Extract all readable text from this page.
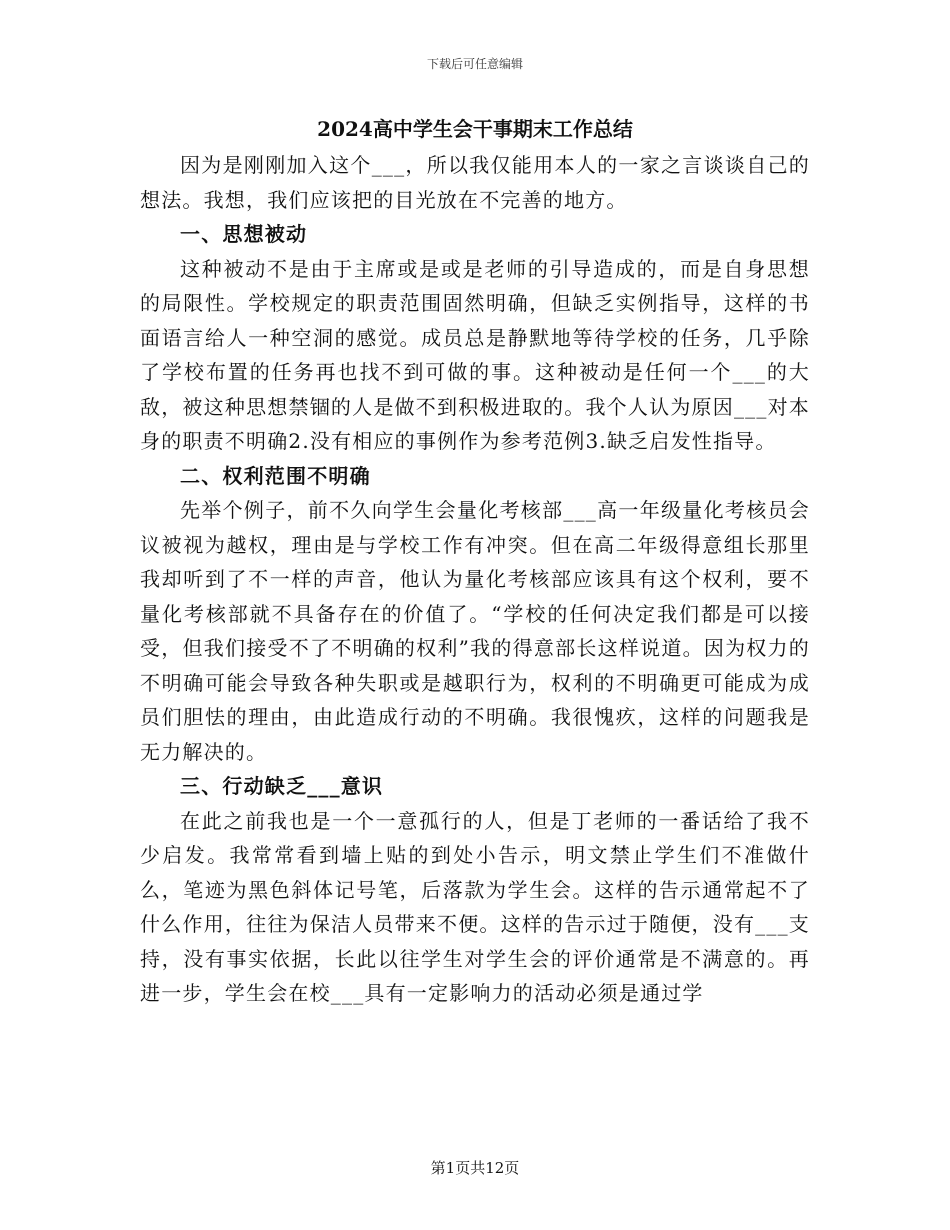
下载后可任意编辑
2024高中学生会干事期末工作总结

因为是刚刚加入这个___，所以我仅能用本人的一家之言谈谈自己的想法。我想，我们应该把的目光放在不完善的地方。

一、思想被动

这种被动不是由于主席或是或是老师的引导造成的，而是自身思想的局限性。学校规定的职责范围固然明确，但缺乏实例指导，这样的书面语言给人一种空洞的感觉。成员总是静默地等待学校的任务，几乎除了学校布置的任务再也找不到可做的事。这种被动是任何一个___的大敌，被这种思想禁锢的人是做不到积极进取的。我个人认为原因___对本身的职责不明确2.没有相应的事例作为参考范例3.缺乏启发性指导。

二、权利范围不明确

先举个例子，前不久向学生会量化考核部___高一年级量化考核员会议被视为越权，理由是与学校工作有冲突。但在高二年级得意组长那里我却听到了不一样的声音，他认为量化考核部应该具有这个权利，要不量化考核部就不具备存在的价值了。“学校的任何决定我们都是可以接受，但我们接受不了不明确的权利”我的得意部长这样说道。因为权力的不明确可能会导致各种失职或是越职行为，权利的不明确更可能成为成员们胆怯的理由，由此造成行动的不明确。我很愧疚，这样的问题我是无力解决的。

三、行动缺乏___意识

在此之前我也是一个一意孤行的人，但是丁老师的一番话给了我不少启发。我常常看到墙上贴的到处小告示，明文禁止学生们不准做什么，笔迹为黑色斜体记号笔，后落款为学生会。这样的告示通常起不了什么作用，往往为保洁人员带来不便。这样的告示过于随便，没有___支持，没有事实依据，长此以往学生对学生会的评价通常是不满意的。再进一步，学生会在校___具有一定影响力的活动必须是通过学

第1页共12页
